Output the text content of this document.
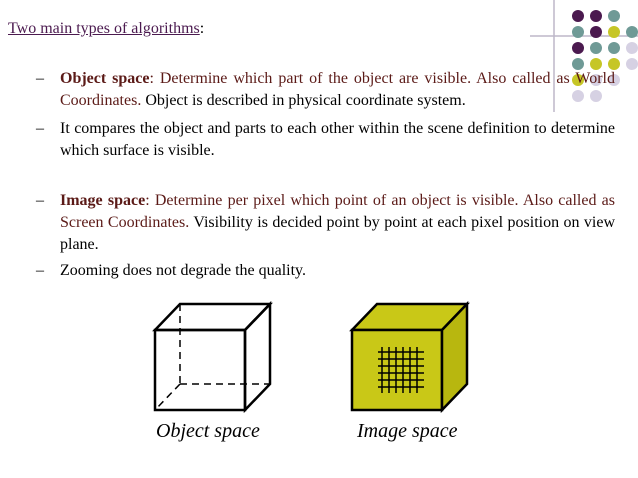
Two main types of algorithms:
– Object space: Determine which part of the object are visible. Also called as World Coordinates. Object is described in physical coordinate system.
– It compares the object and parts to each other within the scene definition to determine which surface is visible.
– Image space: Determine per pixel which point of an object is visible. Also called as Screen Coordinates. Visibility is decided point by point at each pixel position on view plane.
– Zooming does not degrade the quality.
Object space	Image space
